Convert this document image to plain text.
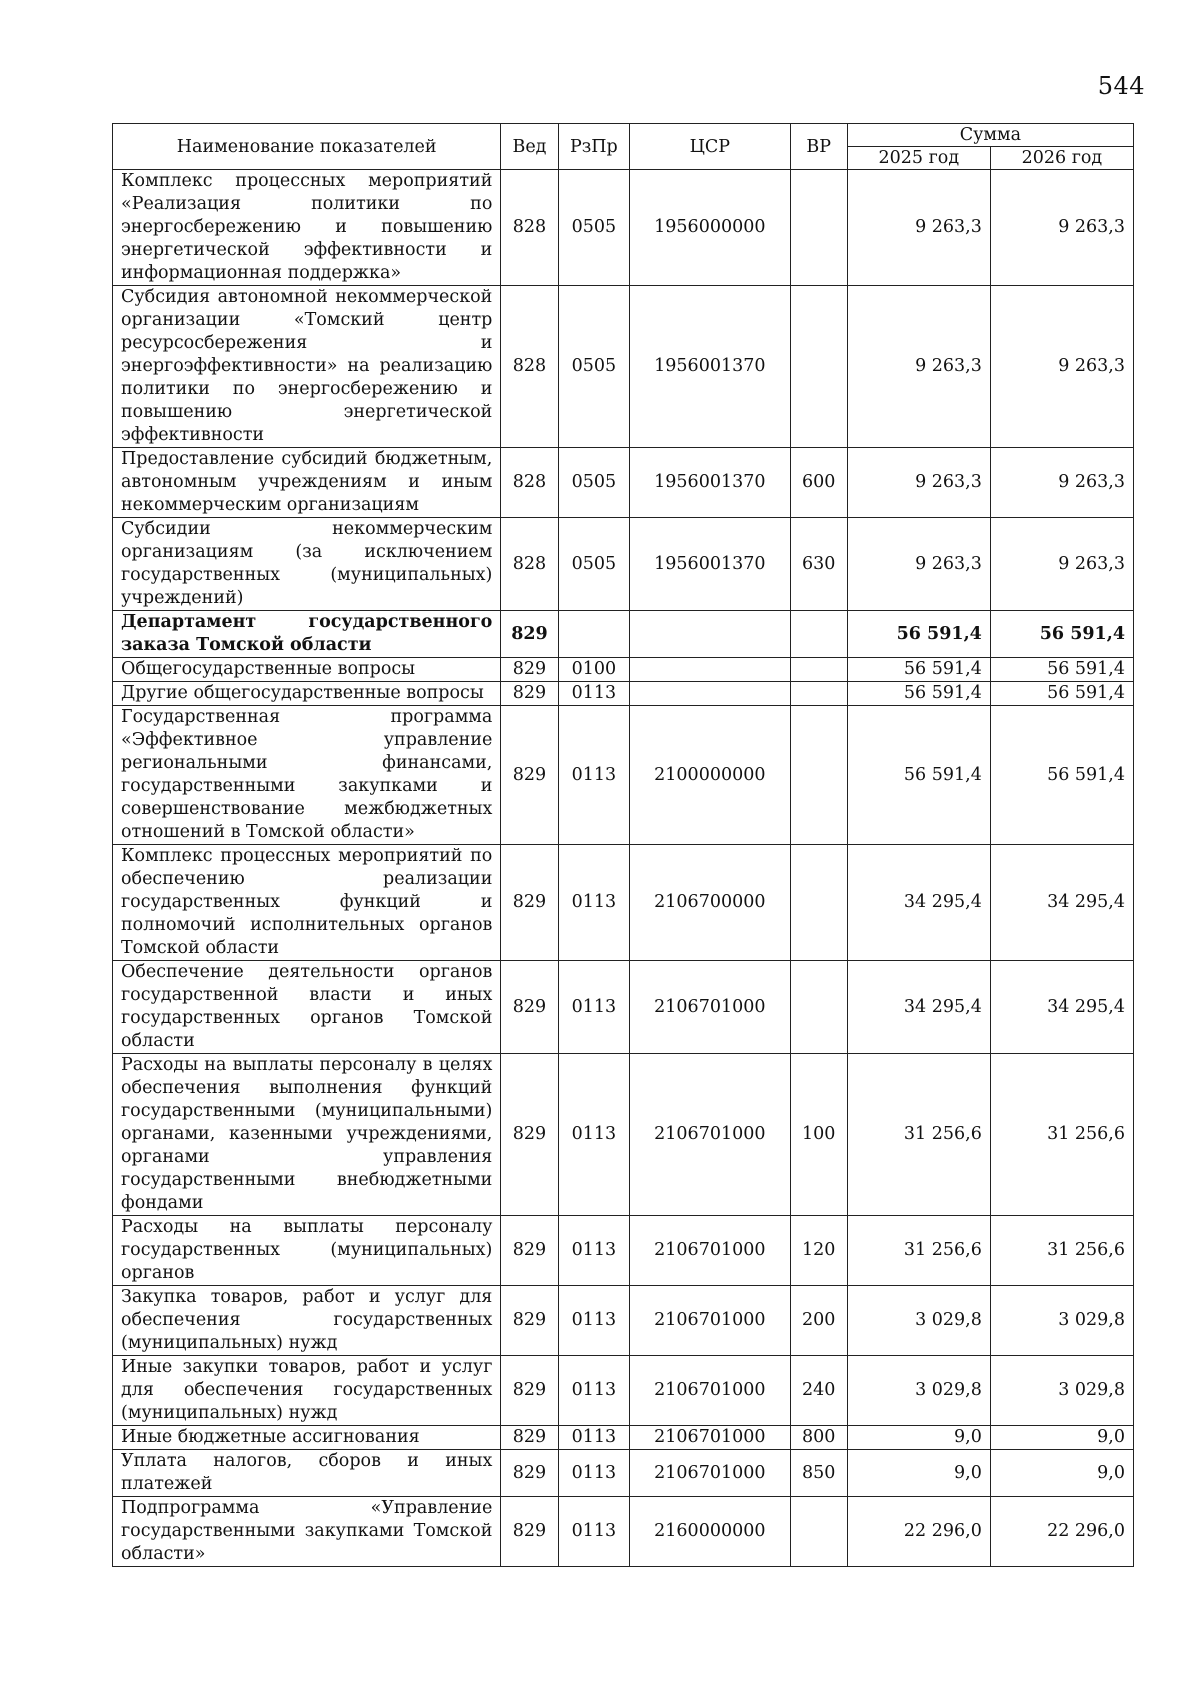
544
Наименование показателей	Вед	РзПр	ЦСР	ВР	Сумма	
					2025 год	2026 год
Комплекс процессных мероприятий «Реализация политики по энергосбережению и повышению энергетической эффективности и информационная поддержка»	828	0505	1956000000		9 263,3	9 263,3
Субсидия автономной некоммерческой организации «Томский центр ресурсосбережения и энергоэффективности» на реализацию политики по энергосбережению и повышению энергетической эффективности	828	0505	1956001370		9 263,3	9 263,3
Предоставление субсидий бюджетным, автономным учреждениям и иным некоммерческим организациям	828	0505	1956001370	600	9 263,3	9 263,3
Субсидии некоммерческим организациям (за исключением государственных (муниципальных) учреждений)	828	0505	1956001370	630	9 263,3	9 263,3
Департамент государственного заказа Томской области	829				56 591,4	56 591,4
Общегосударственные вопросы	829	0100			56 591,4	56 591,4
Другие общегосударственные вопросы	829	0113			56 591,4	56 591,4
Государственная программа «Эффективное управление региональными финансами, государственными закупками и совершенствование межбюджетных отношений в Томской области»	829	0113	2100000000		56 591,4	56 591,4
Комплекс процессных мероприятий по обеспечению реализации государственных функций и полномочий исполнительных органов Томской области	829	0113	2106700000		34 295,4	34 295,4
Обеспечение деятельности органов государственной власти и иных государственных органов Томской области	829	0113	2106701000		34 295,4	34 295,4
Расходы на выплаты персоналу в целях обеспечения выполнения функций государственными (муниципальными) органами, казенными учреждениями, органами управления государственными внебюджетными фондами	829	0113	2106701000	100	31 256,6	31 256,6
Расходы на выплаты персоналу государственных (муниципальных) органов	829	0113	2106701000	120	31 256,6	31 256,6
Закупка товаров, работ и услуг для обеспечения государственных (муниципальных) нужд	829	0113	2106701000	200	3 029,8	3 029,8
Иные закупки товаров, работ и услуг для обеспечения государственных (муниципальных) нужд	829	0113	2106701000	240	3 029,8	3 029,8
Иные бюджетные ассигнования	829	0113	2106701000	800	9,0	9,0
Уплата налогов, сборов и иных платежей	829	0113	2106701000	850	9,0	9,0
Подпрограмма «Управление государственными закупками Томской области»	829	0113	2160000000		22 296,0	22 296,0
